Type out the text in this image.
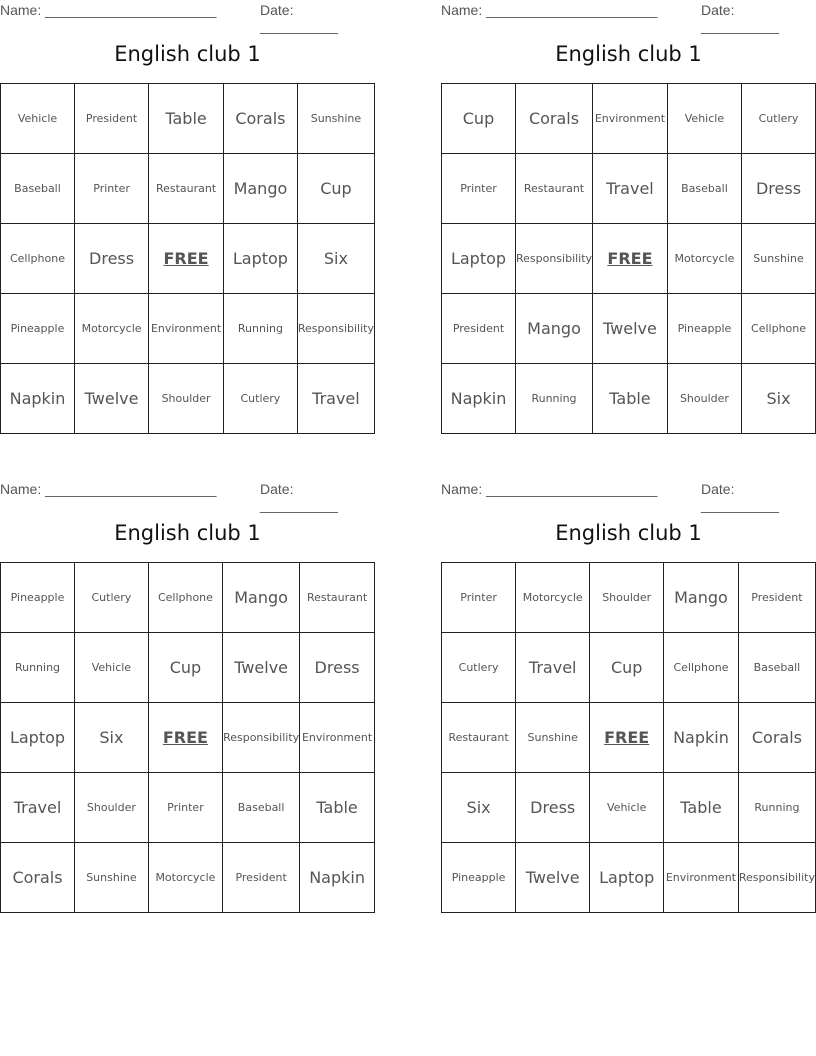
Name: ______________________	Date: __________
English club 1
Vehicle	President	Table	Corals	Sunshine
Baseball	Printer	Restaurant	Mango	Cup
Cellphone	Dress	FREE	Laptop	Six
Pineapple	Motorcycle	Environment	Running	Responsibility
Napkin	Twelve	Shoulder	Cutlery	Travel
Name: ______________________	Date: __________
English club 1
Cup	Corals	Environment	Vehicle	Cutlery
Printer	Restaurant	Travel	Baseball	Dress
Laptop	Responsibility	FREE	Motorcycle	Sunshine
President	Mango	Twelve	Pineapple	Cellphone
Napkin	Running	Table	Shoulder	Six
Name: ______________________	Date: __________
English club 1
Pineapple	Cutlery	Cellphone	Mango	Restaurant
Running	Vehicle	Cup	Twelve	Dress
Laptop	Six	FREE	Responsibility	Environment
Travel	Shoulder	Printer	Baseball	Table
Corals	Sunshine	Motorcycle	President	Napkin
Name: ______________________	Date: __________
English club 1
Printer	Motorcycle	Shoulder	Mango	President
Cutlery	Travel	Cup	Cellphone	Baseball
Restaurant	Sunshine	FREE	Napkin	Corals
Six	Dress	Vehicle	Table	Running
Pineapple	Twelve	Laptop	Environment	Responsibility
